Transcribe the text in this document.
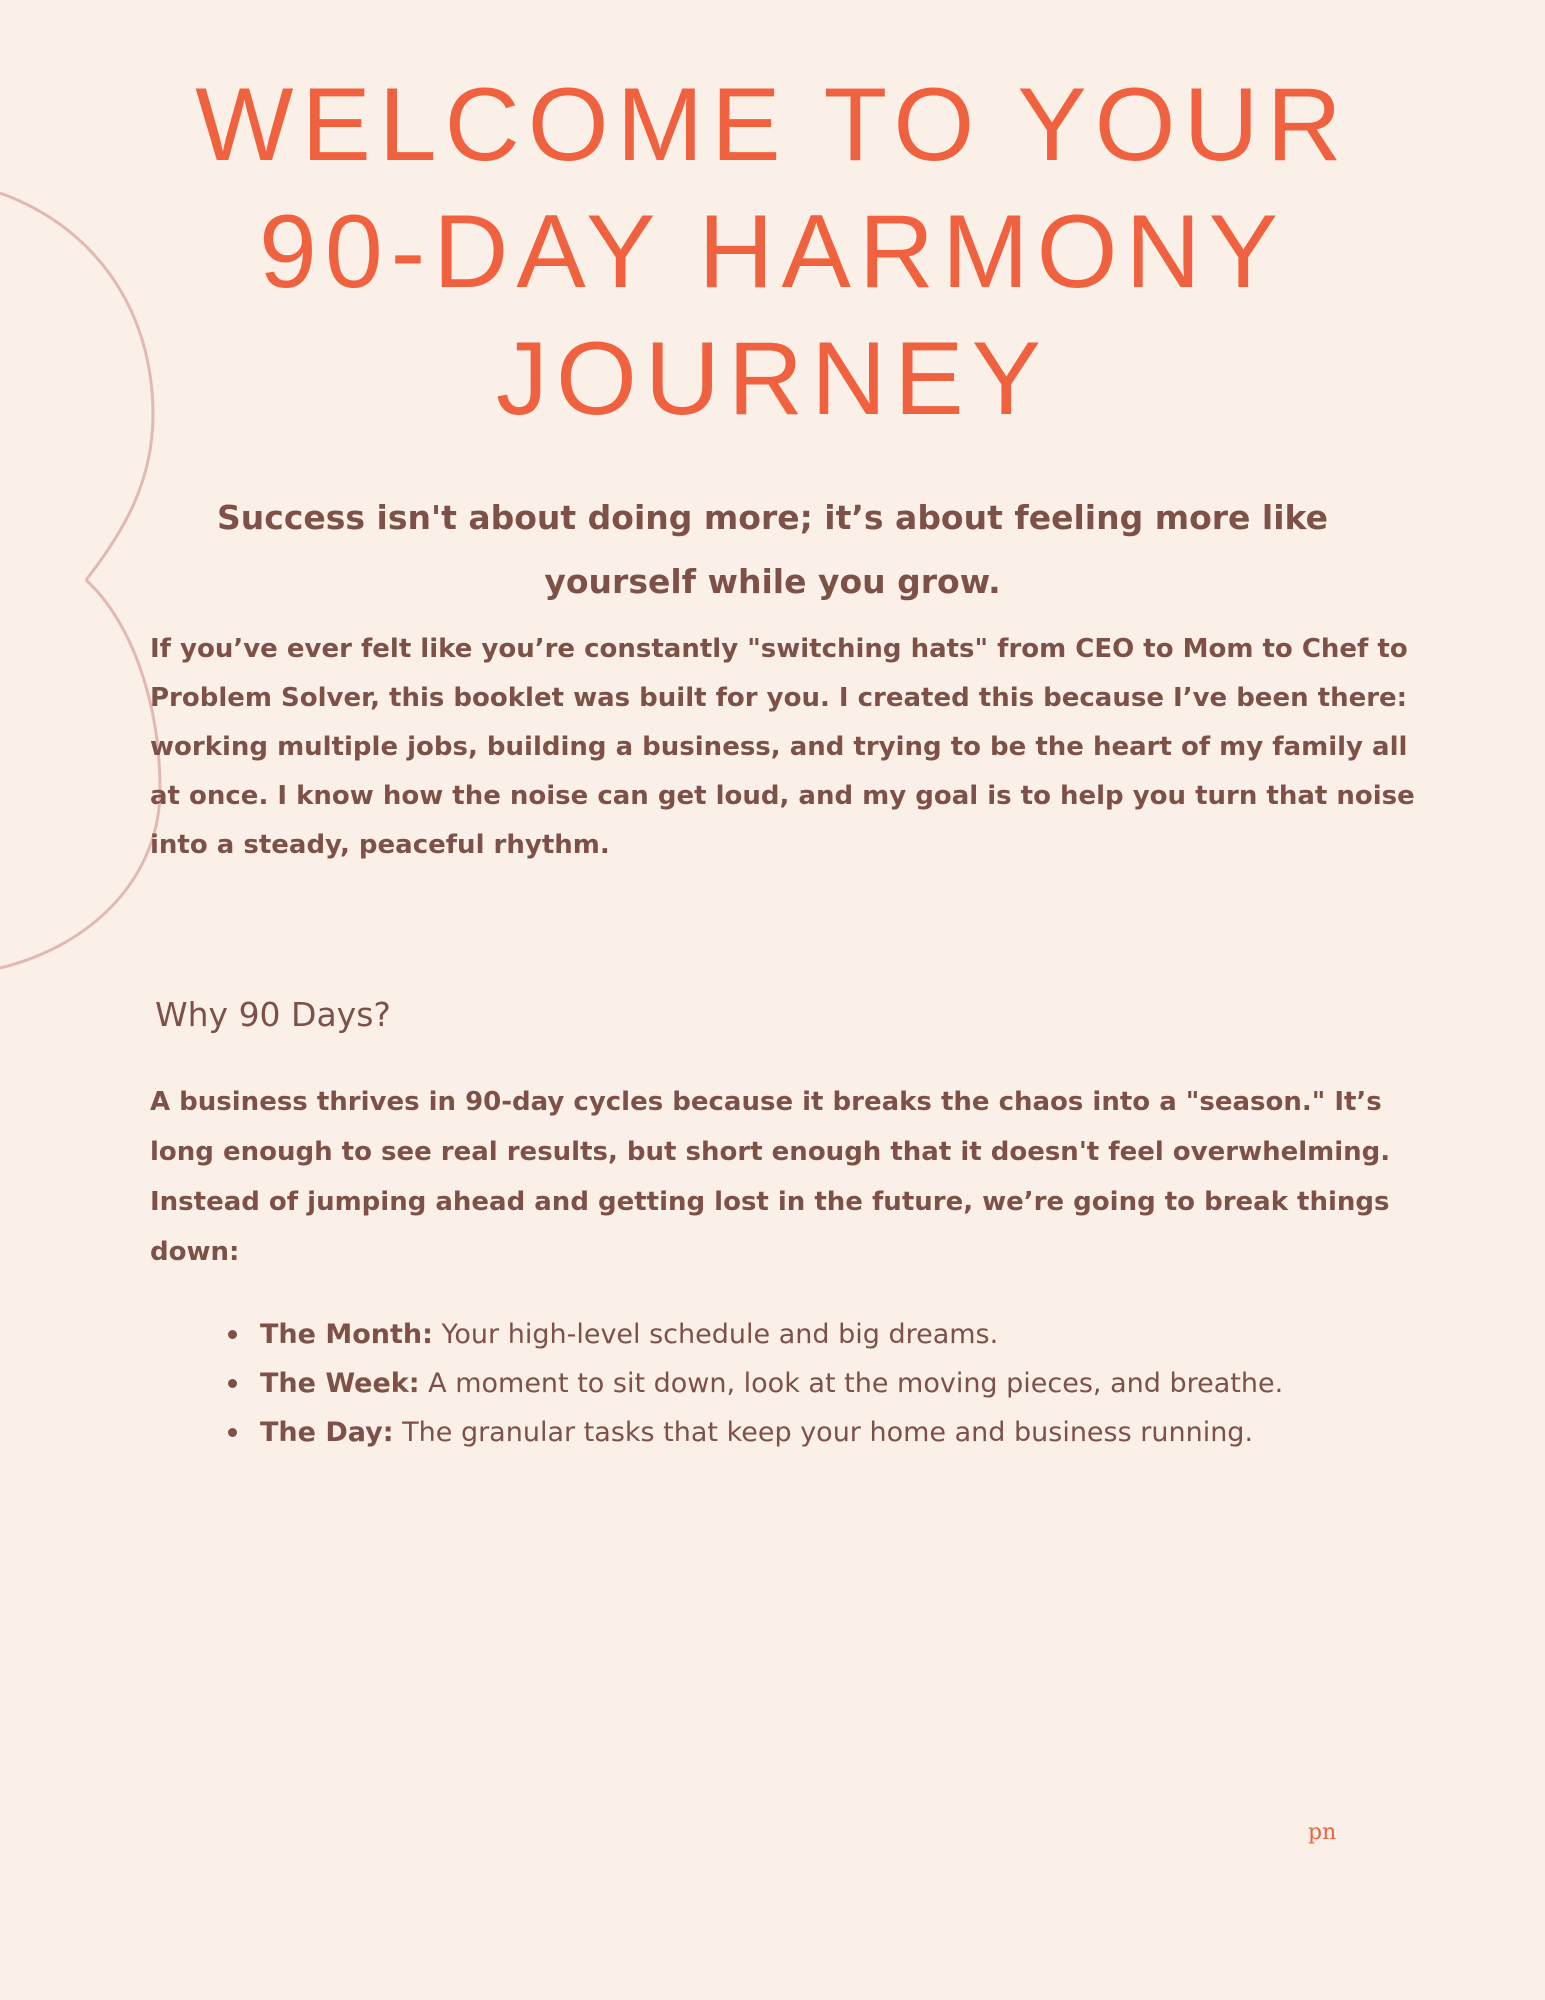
WELCOME TO YOUR
90-DAY HARMONY
JOURNEY

Success isn't about doing more; it’s about feeling more like
yourself while you grow.

If you’ve ever felt like you’re constantly "switching hats" from CEO to Mom to Chef to
Problem Solver, this booklet was built for you. I created this because I’ve been there:
working multiple jobs, building a business, and trying to be the heart of my family all
at once. I know how the noise can get loud, and my goal is to help you turn that noise
into a steady, peaceful rhythm.

Why 90 Days?

A business thrives in 90-day cycles because it breaks the chaos into a "season." It’s
long enough to see real results, but short enough that it doesn't feel overwhelming.
Instead of jumping ahead and getting lost in the future, we’re going to break things
down:

The Month: Your high-level schedule and big dreams.
The Week: A moment to sit down, look at the moving pieces, and breathe.
The Day: The granular tasks that keep your home and business running.
pn
